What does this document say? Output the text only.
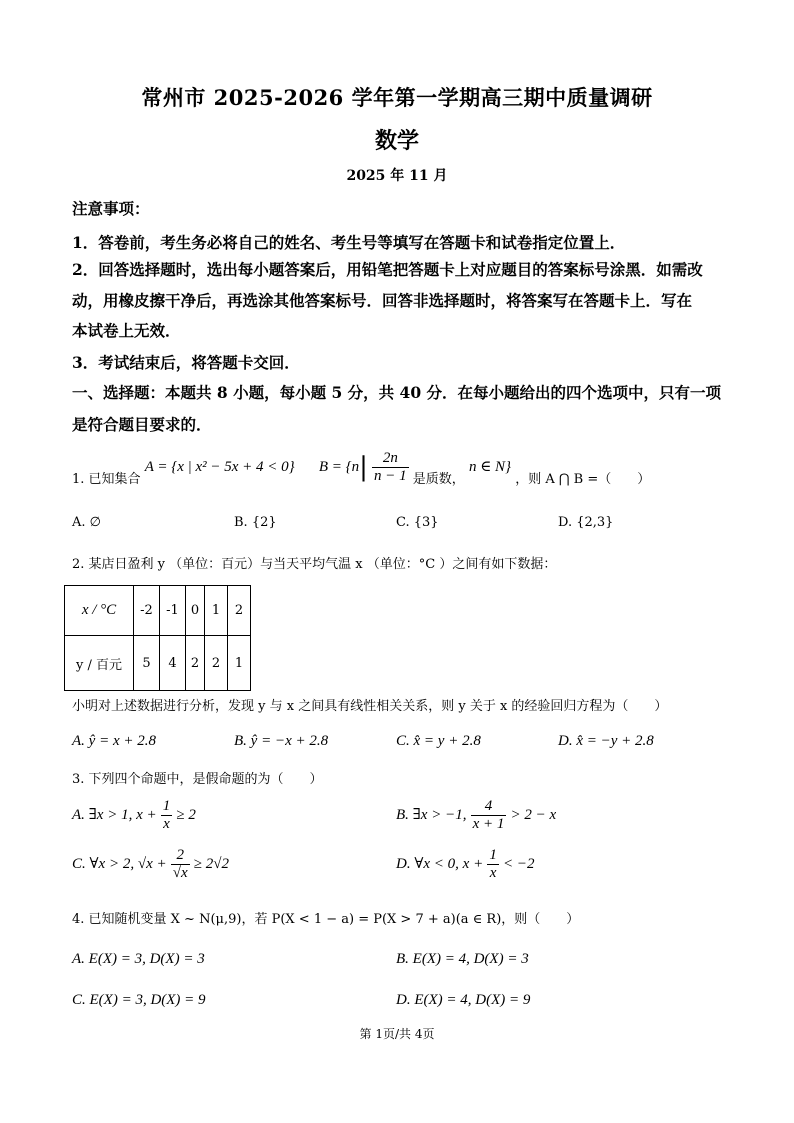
常州市 2025-2026 学年第一学期高三期中质量调研
数学
2025 年 11 月
注意事项：
1．答卷前，考生务必将自己的姓名、考生号等填写在答题卡和试卷指定位置上．
2．回答选择题时，选出每小题答案后，用铅笔把答题卡上对应题目的答案标号涂黑．如需改
动，用橡皮擦干净后，再选涂其他答案标号．回答非选择题时，将答案写在答题卡上．写在
本试卷上无效．
3．考试结束后，将答题卡交回．
一、选择题：本题共 8 小题，每小题 5 分，共 40 分．在每小题给出的四个选项中，只有一项
是符合题目要求的．
1. 已知集合 A = {x | x² − 5x + 4 < 0} $B = \{n| \frac{2n}{n - 1}$ 是质数， n ∈ N} ，则 A ⋂ B =（　　）
A. ∅	B. {2}	C. {3}	D. {2,3}
2. 某店日盈利 y （单位：百元）与当天平均气温 x （单位：°C ）之间有如下数据：
x / °C	-2	-1	0	1	2
y / 百元	5	4	2	2	1
小明对上述数据进行分析，发现 y 与 x 之间具有线性相关关系，则 y 关于 x 的经验回归方程为（　　）
A. ŷ = x + 2.8	B. ŷ = −x + 2.8	C. x̂ = y + 2.8	D. x̂ = −y + 2.8
3. 下列四个命题中，是假命题的为（　　）
A. ∃x > 1, $x + \frac{1}{x} \ge 2$	B. ∃x > −1, $\frac{4}{x + 1} > 2 - x$
C. ∀x > 2, $√x + \frac{2}{√x} \ge 2√2$	D. ∀x < 0, $x + \frac{1}{x} < -2$
4. 已知随机变量 X ~ N(μ,9)，若 P(X < 1 − a) = P(X > 7 + a)(a ∈ R)，则（　　）
A. E(X) = 3, D(X) = 3	B. E(X) = 4, D(X) = 3
C. E(X) = 3, D(X) = 9	D. E(X) = 4, D(X) = 9
第 1页/共 4页
